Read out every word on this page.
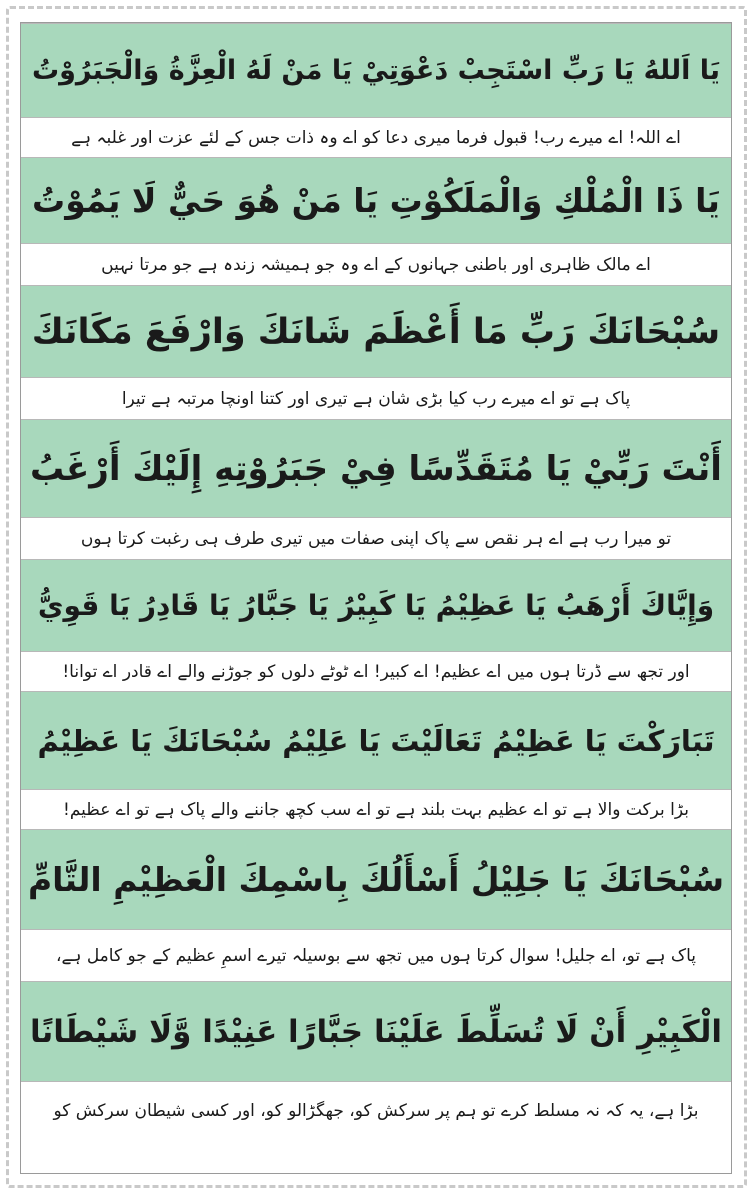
يَا اَللهُ يَا رَبِّ اسْتَجِبْ دَعْوَتِيْ يَا مَنْ لَهُ الْعِزَّةُ وَالْجَبَرُوْتُ
اے اللہ! اے میرے رب! قبول فرما میری دعا کو اے وہ ذات جس کے لئے عزت اور غلبہ ہے
يَا ذَا الْمُلْكِ وَالْمَلَكُوْتِ يَا مَنْ هُوَ حَيٌّ لَا يَمُوْتُ
اے مالک ظاہری اور باطنی جہانوں کے اے وہ جو ہمیشہ زندہ ہے جو مرتا نہیں
سُبْحَانَكَ رَبِّ مَا أَعْظَمَ شَانَكَ وَارْفَعَ مَكَانَكَ
پاک ہے تو اے میرے رب کیا بڑی شان ہے تیری اور کتنا اونچا مرتبہ ہے تیرا
أَنْتَ رَبِّيْ يَا مُتَقَدِّسًا فِيْ جَبَرُوْتِهِ إِلَيْكَ أَرْغَبُ
تو میرا رب ہے اے ہر نقص سے پاک اپنی صفات میں تیری طرف ہی رغبت کرتا ہوں
وَإِيَّاكَ أَرْهَبُ يَا عَظِيْمُ يَا كَبِيْرُ يَا جَبَّارُ يَا قَادِرُ يَا قَوِيُّ
اور تجھ سے ڈرتا ہوں میں اے عظیم! اے کبیر! اے ٹوٹے دلوں کو جوڑنے والے اے قادر اے توانا!
تَبَارَكْتَ يَا عَظِيْمُ تَعَالَيْتَ يَا عَلِيْمُ سُبْحَانَكَ يَا عَظِيْمُ
بڑا برکت والا ہے تو اے عظیم بہت بلند ہے تو اے سب کچھ جاننے والے پاک ہے تو اے عظیم!
سُبْحَانَكَ يَا جَلِيْلُ أَسْأَلُكَ بِاسْمِكَ الْعَظِيْمِ التَّامِّ
پاک ہے تو، اے جلیل! سوال کرتا ہوں میں تجھ سے بوسیلہ تیرے اسمِ عظیم کے جو کامل ہے،
الْكَبِيْرِ أَنْ لَا تُسَلِّطَ عَلَيْنَا جَبَّارًا عَنِيْدًا وَّلَا شَيْطَانًا
بڑا ہے، یہ کہ نہ مسلط کرے تو ہم پر سرکش کو، جھگڑالو کو، اور کسی شیطان سرکش کو
